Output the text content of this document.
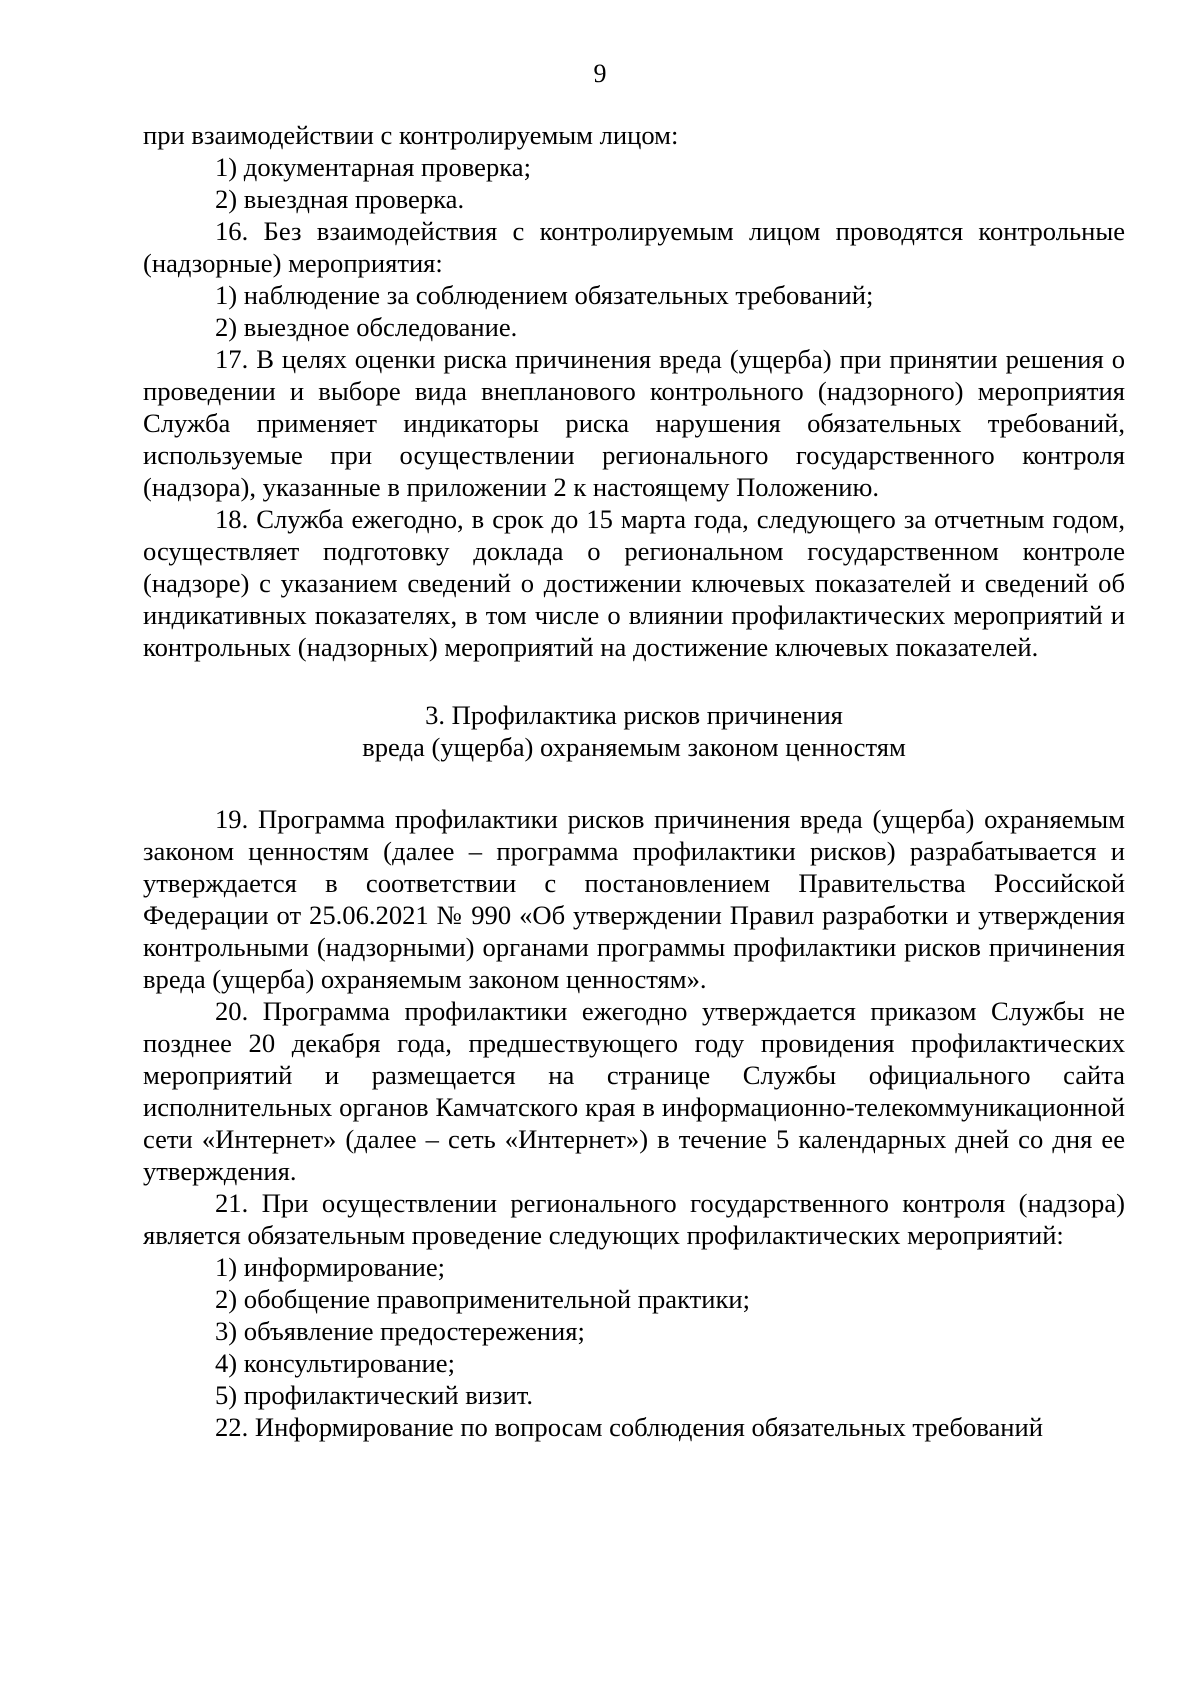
9

при взаимодействии с контролируемым лицом:

1) документарная проверка;

2) выездная проверка.

16. Без взаимодействия с контролируемым лицом проводятся контрольные (надзорные) мероприятия:

1) наблюдение за соблюдением обязательных требований;

2) выездное обследование.

17. В целях оценки риска причинения вреда (ущерба) при принятии решения о проведении и выборе вида внепланового контрольного (надзорного) мероприятия Служба применяет индикаторы риска нарушения обязательных требований, используемые при осуществлении регионального государственного контроля (надзора), указанные в приложении 2 к настоящему Положению.

18. Служба ежегодно, в срок до 15 марта года, следующего за отчетным годом, осуществляет подготовку доклада о региональном государственном контроле (надзоре) с указанием сведений о достижении ключевых показателей и сведений об индикативных показателях, в том числе о влиянии профилактических мероприятий и контрольных (надзорных) мероприятий на достижение ключевых показателей.

3. Профилактика рисков причинения
вреда (ущерба) охраняемым законом ценностям

19. Программа профилактики рисков причинения вреда (ущерба) охраняемым законом ценностям (далее – программа профилактики рисков) разрабатывается и утверждается в соответствии с постановлением Правительства Российской Федерации от 25.06.2021 № 990 «Об утверждении Правил разработки и утверждения контрольными (надзорными) органами программы профилактики рисков причинения вреда (ущерба) охраняемым законом ценностям».

20. Программа профилактики ежегодно утверждается приказом Службы не позднее 20 декабря года, предшествующего году провидения профилактических мероприятий и размещается на странице Службы официального сайта исполнительных органов Камчатского края в информационно-телекоммуникационной сети «Интернет» (далее – сеть «Интернет») в течение 5 календарных дней со дня ее утверждения.

21. При осуществлении регионального государственного контроля (надзора) является обязательным проведение следующих профилактических мероприятий:

1) информирование;

2) обобщение правоприменительной практики;

3) объявление предостережения;

4) консультирование;

5) профилактический визит.

22. Информирование по вопросам соблюдения обязательных требований
